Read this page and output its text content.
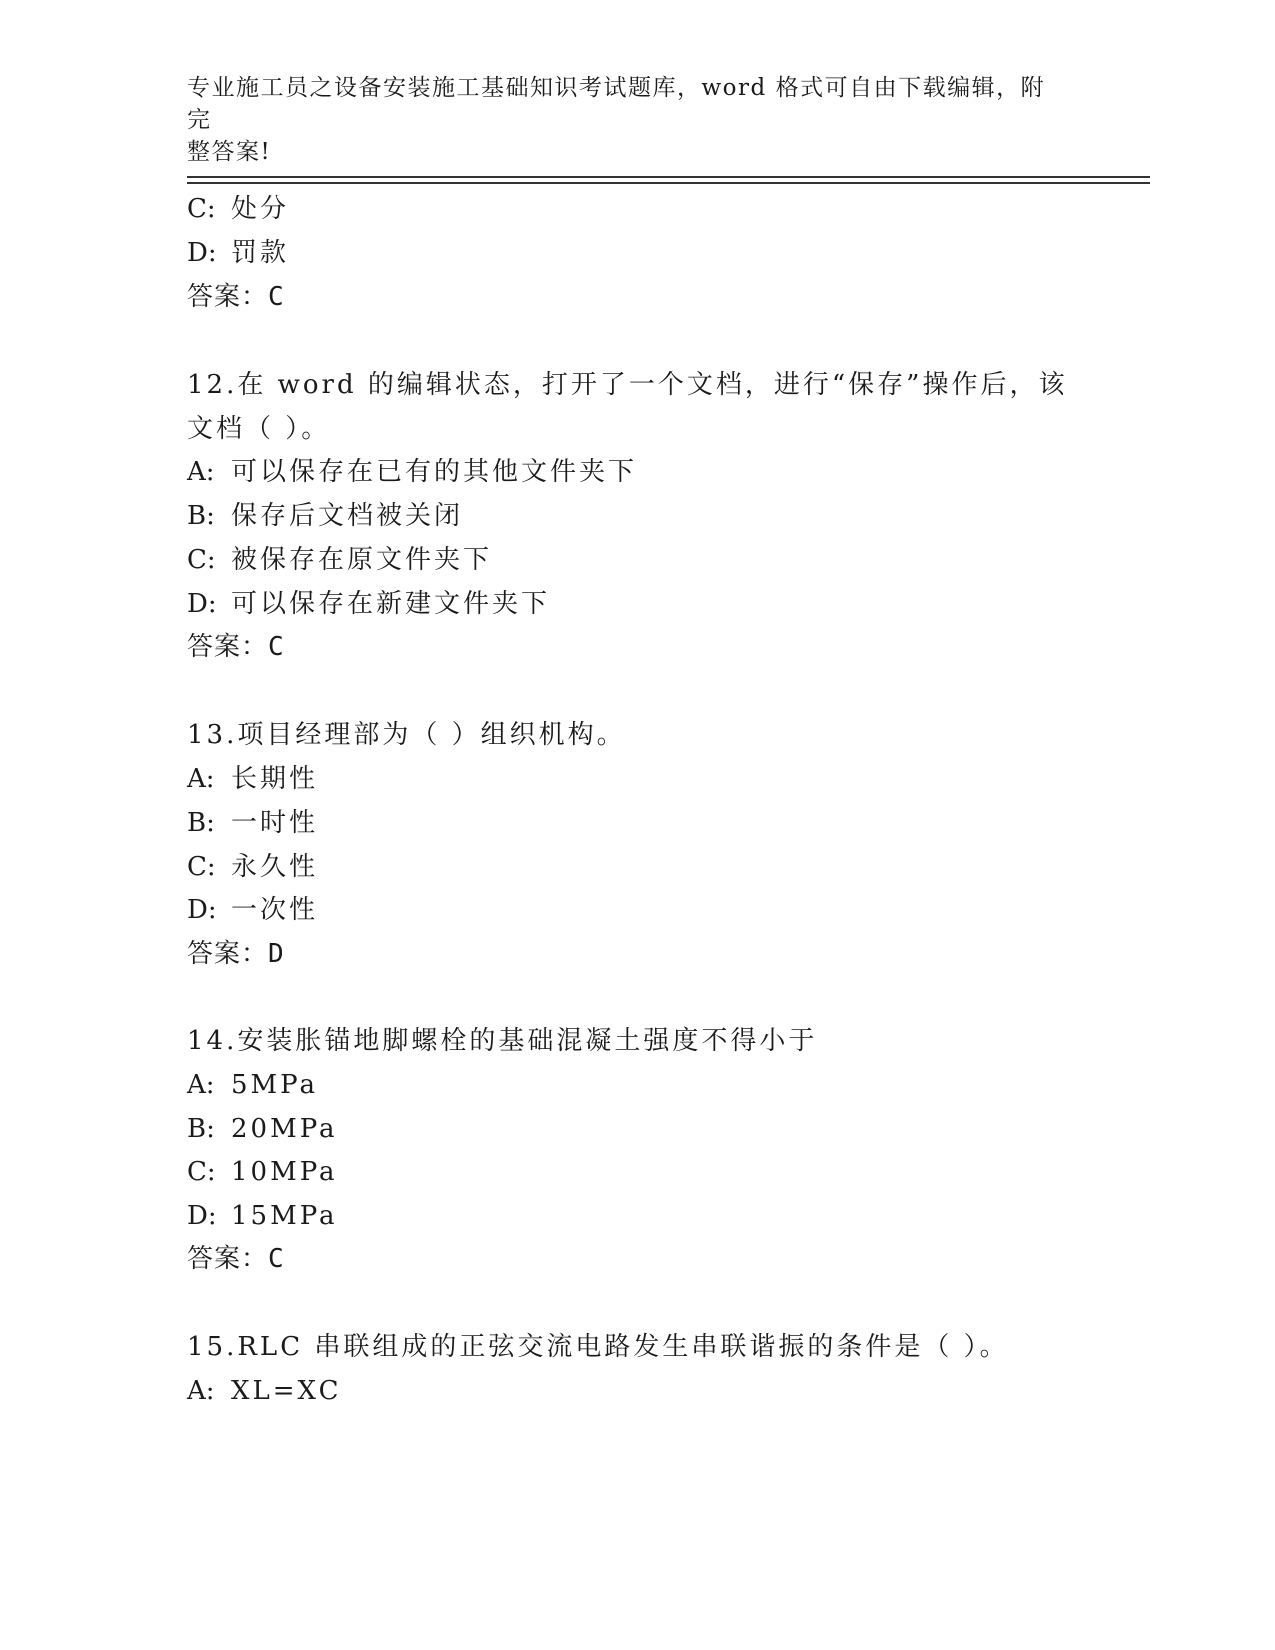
专业施工员之设备安装施工基础知识考试题库，word 格式可自由下载编辑，附完
整答案!
C: 处分
D: 罚款
答案：C
12.在 word 的编辑状态，打开了一个文档，进行“保存”操作后，该
文档（ ）。
A: 可以保存在已有的其他文件夹下
B: 保存后文档被关闭
C: 被保存在原文件夹下
D: 可以保存在新建文件夹下
答案：C
13.项目经理部为（ ）组织机构。
A: 长期性
B: 一时性
C: 永久性
D: 一次性
答案：D
14.安装胀锚地脚螺栓的基础混凝土强度不得小于
A: 5MPa
B: 20MPa
C: 10MPa
D: 15MPa
答案：C
15.RLC 串联组成的正弦交流电路发生串联谐振的条件是（ ）。
A: XL=XC
